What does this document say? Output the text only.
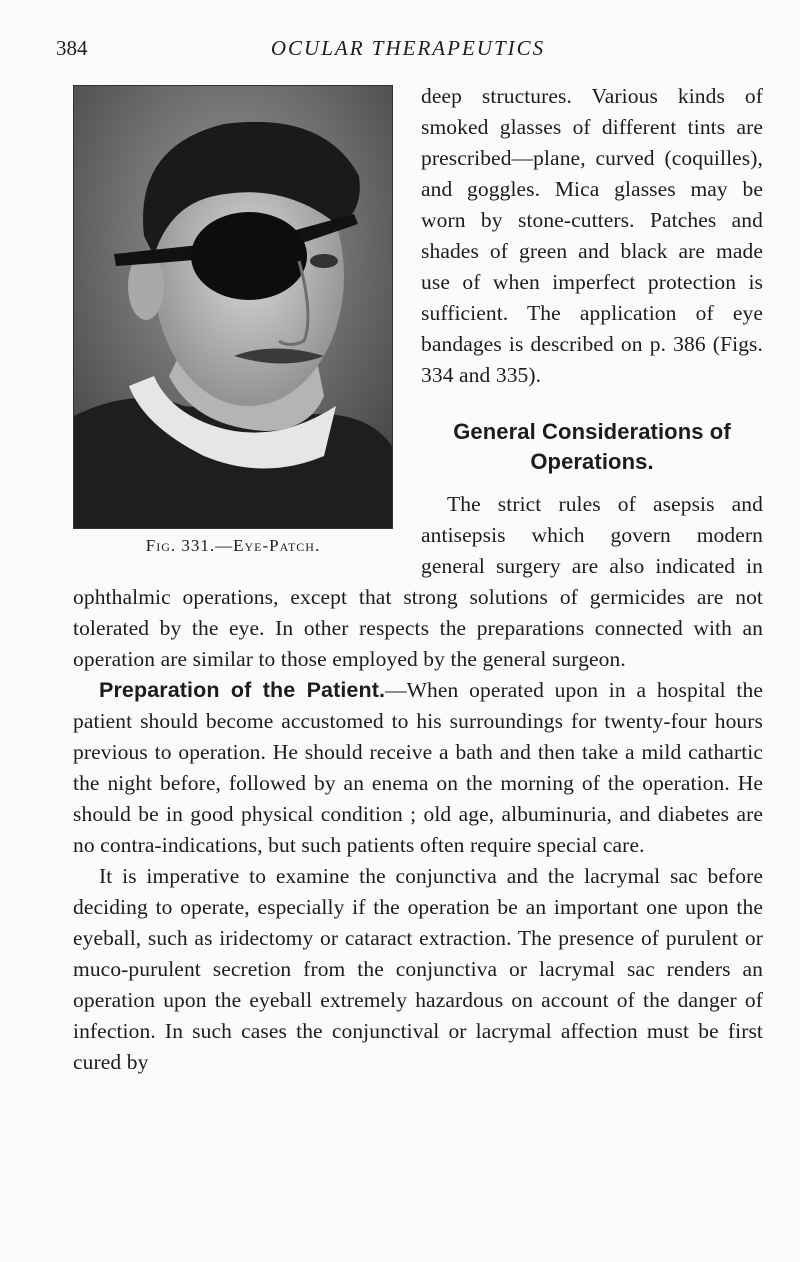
384	OCULAR THERAPEUTICS
Fig. 331.—Eye-Patch.

deep structures. Various kinds of smoked glasses of different tints are prescribed—plane, curved (coquilles), and goggles. Mica glasses may be worn by stone-cutters. Patches and shades of green and black are made use of when imperfect protection is sufficient. The application of eye bandages is described on p. 386 (Figs. 334 and 335).

General Considerations of Operations.

The strict rules of asepsis and antisepsis which govern modern general surgery are also indicated in ophthalmic operations, except that strong solutions of germicides are not tolerated by the eye. In other respects the preparations connected with an operation are similar to those employed by the general surgeon.

Preparation of the Patient.—When operated upon in a hospital the patient should become accustomed to his surroundings for twenty-four hours previous to operation. He should receive a bath and then take a mild cathartic the night before, followed by an enema on the morning of the operation. He should be in good physical condition ; old age, albuminuria, and diabetes are no contra-indications, but such patients often require special care.

It is imperative to examine the conjunctiva and the lacrymal sac before deciding to operate, especially if the operation be an important one upon the eyeball, such as iridectomy or cataract extraction. The presence of purulent or muco-purulent secretion from the conjunctiva or lacrymal sac renders an operation upon the eyeball extremely hazardous on account of the danger of infection. In such cases the conjunctival or lacrymal affection must be first cured by
